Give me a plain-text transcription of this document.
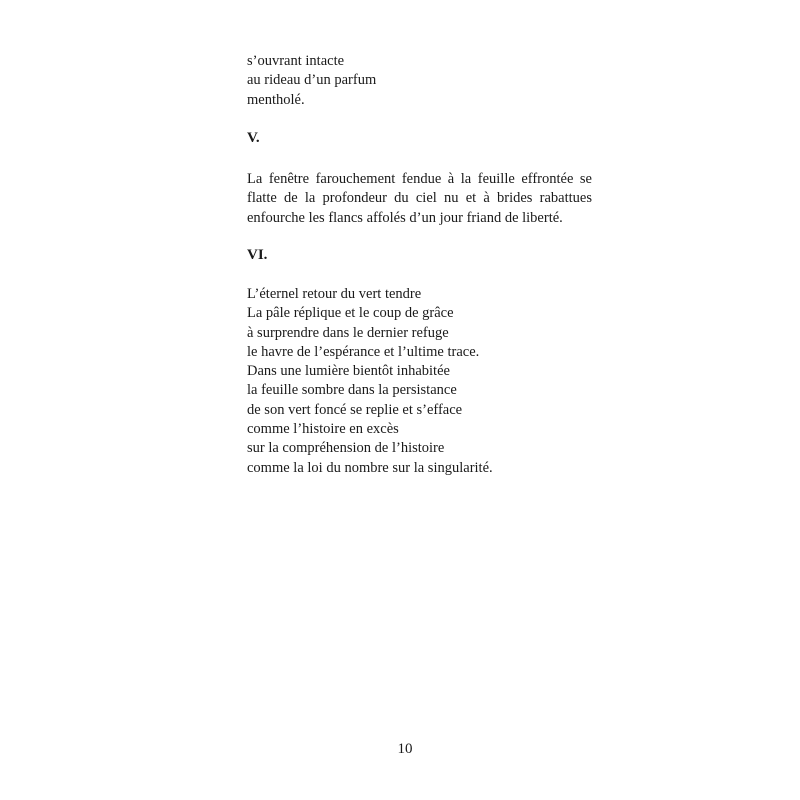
s’ouvrant intacte
au rideau d’un parfum
mentholé.
V.
La fenêtre farouchement fendue à la feuille effrontée se
flatte de la profondeur du ciel nu et à brides rabattues
enfourche les flancs affolés d’un jour friand de liberté.
VI.
L’éternel retour du vert tendre
La pâle réplique et le coup de grâce
à surprendre dans le dernier refuge
le havre de l’espérance et l’ultime trace.
Dans une lumière bientôt inhabitée
la feuille sombre dans la persistance
de son vert foncé se replie et s’efface
comme l’histoire en excès
sur la compréhension de l’histoire
comme la loi du nombre sur la singularité.
10
